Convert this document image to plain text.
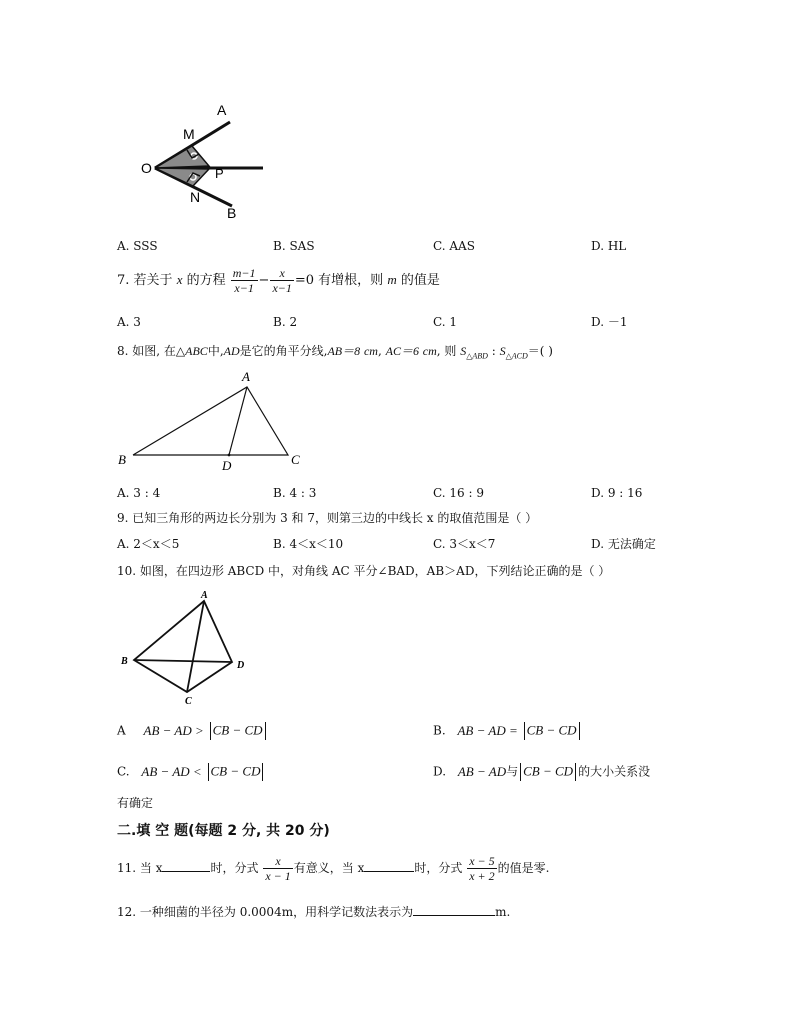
A
M
O	P
N
B
A. SSS	B. SAS	C. AAS	D. HL
7. 若关于 x 的方程 $\frac{m-1}{x-1} - \frac{x}{x-1} =0$ 有增根，则 m 的值是
A. 3	B. 2	C. 1	D. －1
8. 如图, 在△ABC中,AD是它的角平分线,AB＝8 cm, AC＝6 cm, 则 $S_{\triangle ABD}$ : $S_{\triangle ACD}=$( )
A
B	D	C
A. 3 : 4	B. 4 : 3	C. 16 : 9	D. 9 : 16
9. 已知三角形的两边长分别为 3 和 7，则第三边的中线长 x 的取值范围是（ ）
A. 2＜x＜5	B. 4＜x＜10	C. 3＜x＜7	D. 无法确定
10. 如图，在四边形 ABCD 中，对角线 AC 平分∠BAD，AB＞AD，下列结论正确的是（ ）
A
B	D
C
A AB − AD > CB − CD	B. AB − AD = CB − CD
C. AB − AD < CB − CD	D. AB − AD与 CB − CD 的大小关系没
有确定
二.填 空 题(每题 2 分, 共 20 分)
11. 当 x	时，分式 $\frac{x}{x - 1}$ 有意义，当 x	时，分式 $\frac{x - 5}{x + 2}$ 的值是零.
12. 一种细菌的半径为 0.0004m，用科学记数法表示为	m.
